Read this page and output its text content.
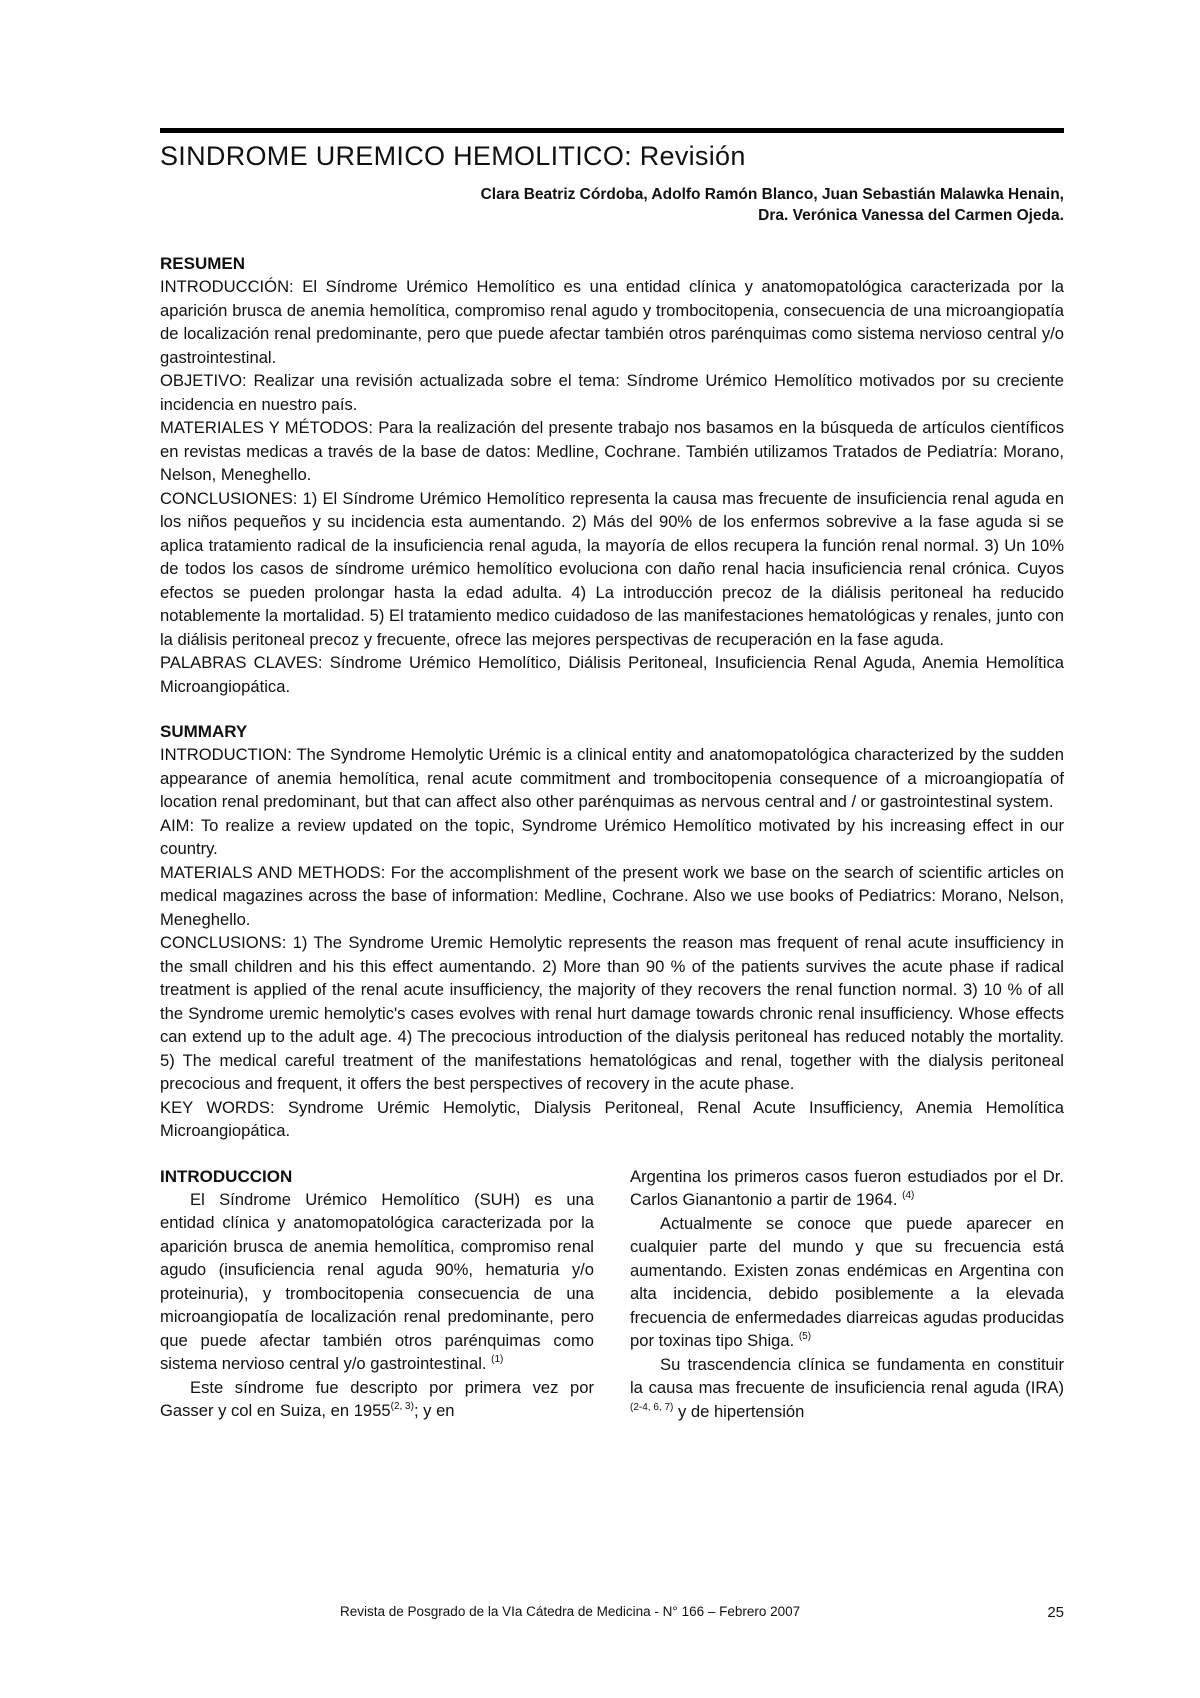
SINDROME UREMICO HEMOLITICO: Revisión
Clara Beatriz Córdoba, Adolfo Ramón Blanco, Juan Sebastián Malawka Henain,
Dra. Verónica Vanessa del Carmen Ojeda.
RESUMEN

INTRODUCCIÓN: El Síndrome Urémico Hemolítico es una entidad clínica y anatomopatológica caracterizada por la aparición brusca de anemia hemolítica, compromiso renal agudo y trombocitopenia, consecuencia de una microangiopatía de localización renal predominante, pero que puede afectar también otros parénquimas como sistema nervioso central y/o gastrointestinal.

OBJETIVO: Realizar una revisión actualizada sobre el tema: Síndrome Urémico Hemolítico motivados por su creciente incidencia en nuestro país.

MATERIALES Y MÉTODOS: Para la realización del presente trabajo nos basamos en la búsqueda de artículos científicos en revistas medicas a través de la base de datos: Medline, Cochrane. También utilizamos Tratados de Pediatría: Morano, Nelson, Meneghello.

CONCLUSIONES: 1) El Síndrome Urémico Hemolítico representa la causa mas frecuente de insuficiencia renal aguda en los niños pequeños y su incidencia esta aumentando. 2) Más del 90% de los enfermos sobrevive a la fase aguda si se aplica tratamiento radical de la insuficiencia renal aguda, la mayoría de ellos recupera la función renal normal. 3) Un 10% de todos los casos de síndrome urémico hemolítico evoluciona con daño renal hacia insuficiencia renal crónica. Cuyos efectos se pueden prolongar hasta la edad adulta. 4) La introducción precoz de la diálisis peritoneal ha reducido notablemente la mortalidad. 5) El tratamiento medico cuidadoso de las manifestaciones hematológicas y renales, junto con la diálisis peritoneal precoz y frecuente, ofrece las mejores perspectivas de recuperación en la fase aguda.

PALABRAS CLAVES: Síndrome Urémico Hemolítico, Diálisis Peritoneal, Insuficiencia Renal Aguda, Anemia Hemolítica Microangiopática.

SUMMARY

INTRODUCTION: The Syndrome Hemolytic Urémic is a clinical entity and anatomopatológica characterized by the sudden appearance of anemia hemolítica, renal acute commitment and trombocitopenia consequence of a microangiopatía of location renal predominant, but that can affect also other parénquimas as nervous central and / or gastrointestinal system.

AIM: To realize a review updated on the topic, Syndrome Urémico Hemolítico motivated by his increasing effect in our country.

MATERIALS AND METHODS: For the accomplishment of the present work we base on the search of scientific articles on medical magazines across the base of information: Medline, Cochrane. Also we use books of Pediatrics: Morano, Nelson, Meneghello.

CONCLUSIONS: 1) The Syndrome Uremic Hemolytic represents the reason mas frequent of renal acute insufficiency in the small children and his this effect aumentando. 2) More than 90 % of the patients survives the acute phase if radical treatment is applied of the renal acute insufficiency, the majority of they recovers the renal function normal. 3) 10 % of all the Syndrome uremic hemolytic's cases evolves with renal hurt damage towards chronic renal insufficiency. Whose effects can extend up to the adult age. 4) The precocious introduction of the dialysis peritoneal has reduced notably the mortality. 5) The medical careful treatment of the manifestations hematológicas and renal, together with the dialysis peritoneal precocious and frequent, it offers the best perspectives of recovery in the acute phase.

KEY WORDS: Syndrome Urémic Hemolytic, Dialysis Peritoneal, Renal Acute Insufficiency, Anemia Hemolítica Microangiopática.

INTRODUCCION

El Síndrome Urémico Hemolítico (SUH) es una entidad clínica y anatomopatológica caracterizada por la aparición brusca de anemia hemolítica, compromiso renal agudo (insuficiencia renal aguda 90%, hematuria y/o proteinuria), y trombocitopenia consecuencia de una microangiopatía de localización renal predominante, pero que puede afectar también otros parénquimas como sistema nervioso central y/o gastrointestinal. $^{(1)}$

Este síndrome fue descripto por primera vez por Gasser y col en Suiza, en 1955$^{(2, 3)}$; y en

Argentina los primeros casos fueron estudiados por el Dr. Carlos Gianantonio a partir de 1964. $^{(4)}$

Actualmente se conoce que puede aparecer en cualquier parte del mundo y que su frecuencia está aumentando. Existen zonas endémicas en Argentina con alta incidencia, debido posiblemente a la elevada frecuencia de enfermedades diarreicas agudas producidas por toxinas tipo Shiga. $^{(5)}$

Su trascendencia clínica se fundamenta en constituir la causa mas frecuente de insuficiencia renal aguda (IRA)$^{(2-4, 6, 7)}$ y de hipertensión

Revista de Posgrado de la VIa Cátedra de Medicina - N° 166 – Febrero 2007	25
